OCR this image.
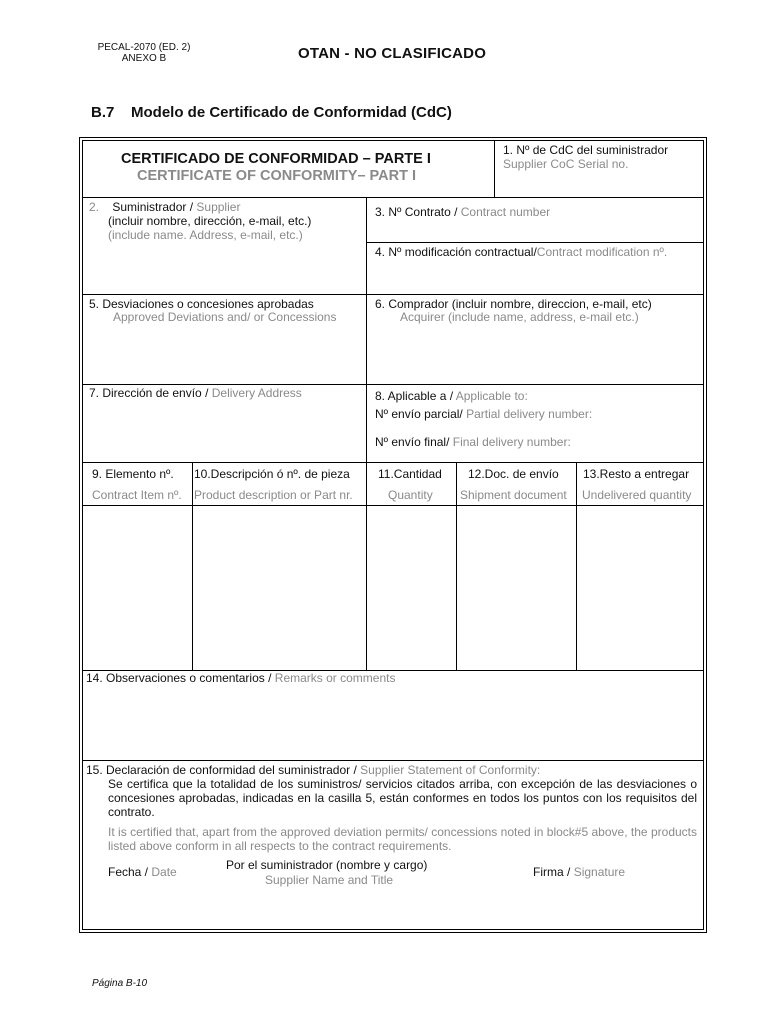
PECAL-2070 (ED. 2)
ANEXO B	OTAN - NO CLASIFICADO
B.7 Modelo de Certificado de Conformidad (CdC)
CERTIFICADO DE CONFORMIDAD – PARTE I
CERTIFICATE OF CONFORMITY– PART I
1. Nº de CdC del suministrador
Supplier CoC Serial no.
2. Suministrador / Supplier
(incluir nombre, dirección, e-mail, etc.)
(include name. Address, e-mail, etc.)
3. Nº Contrato / Contract number
4. Nº modificación contractual/Contract modification nº.
5. Desviaciones o concesiones aprobadas
Approved Deviations and/ or Concessions
6. Comprador (incluir nombre, direccion, e-mail, etc)
Acquirer (include name, address, e-mail etc.)
7. Dirección de envío / Delivery Address	8. Aplicable a / Applicable to:
Nº envío parcial/ Partial delivery number:
Nº envío final/ Final delivery number:
9. Elemento nº.
Contract Item nº.
10.Descripción ó nº. de pieza
Product description or Part nr.
11.Cantidad
Quantity
12.Doc. de envío
Shipment document
13.Resto a entregar
Undelivered quantity
14. Observaciones o comentarios / Remarks or comments
15. Declaración de conformidad del suministrador / Supplier Statement of Conformity:
Se certifica que la totalidad de los suministros/ servicios citados arriba, con excepción de las desviaciones o concesiones aprobadas, indicadas en la casilla 5, están conformes en todos los puntos con los requisitos del contrato.
It is certified that, apart from the approved deviation permits/ concessions noted in block#5 above, the products listed above conform in all respects to the contract requirements.
Fecha / Date	Por el suministrador (nombre y cargo)
Supplier Name and Title
Firma / Signature
Página B-10
